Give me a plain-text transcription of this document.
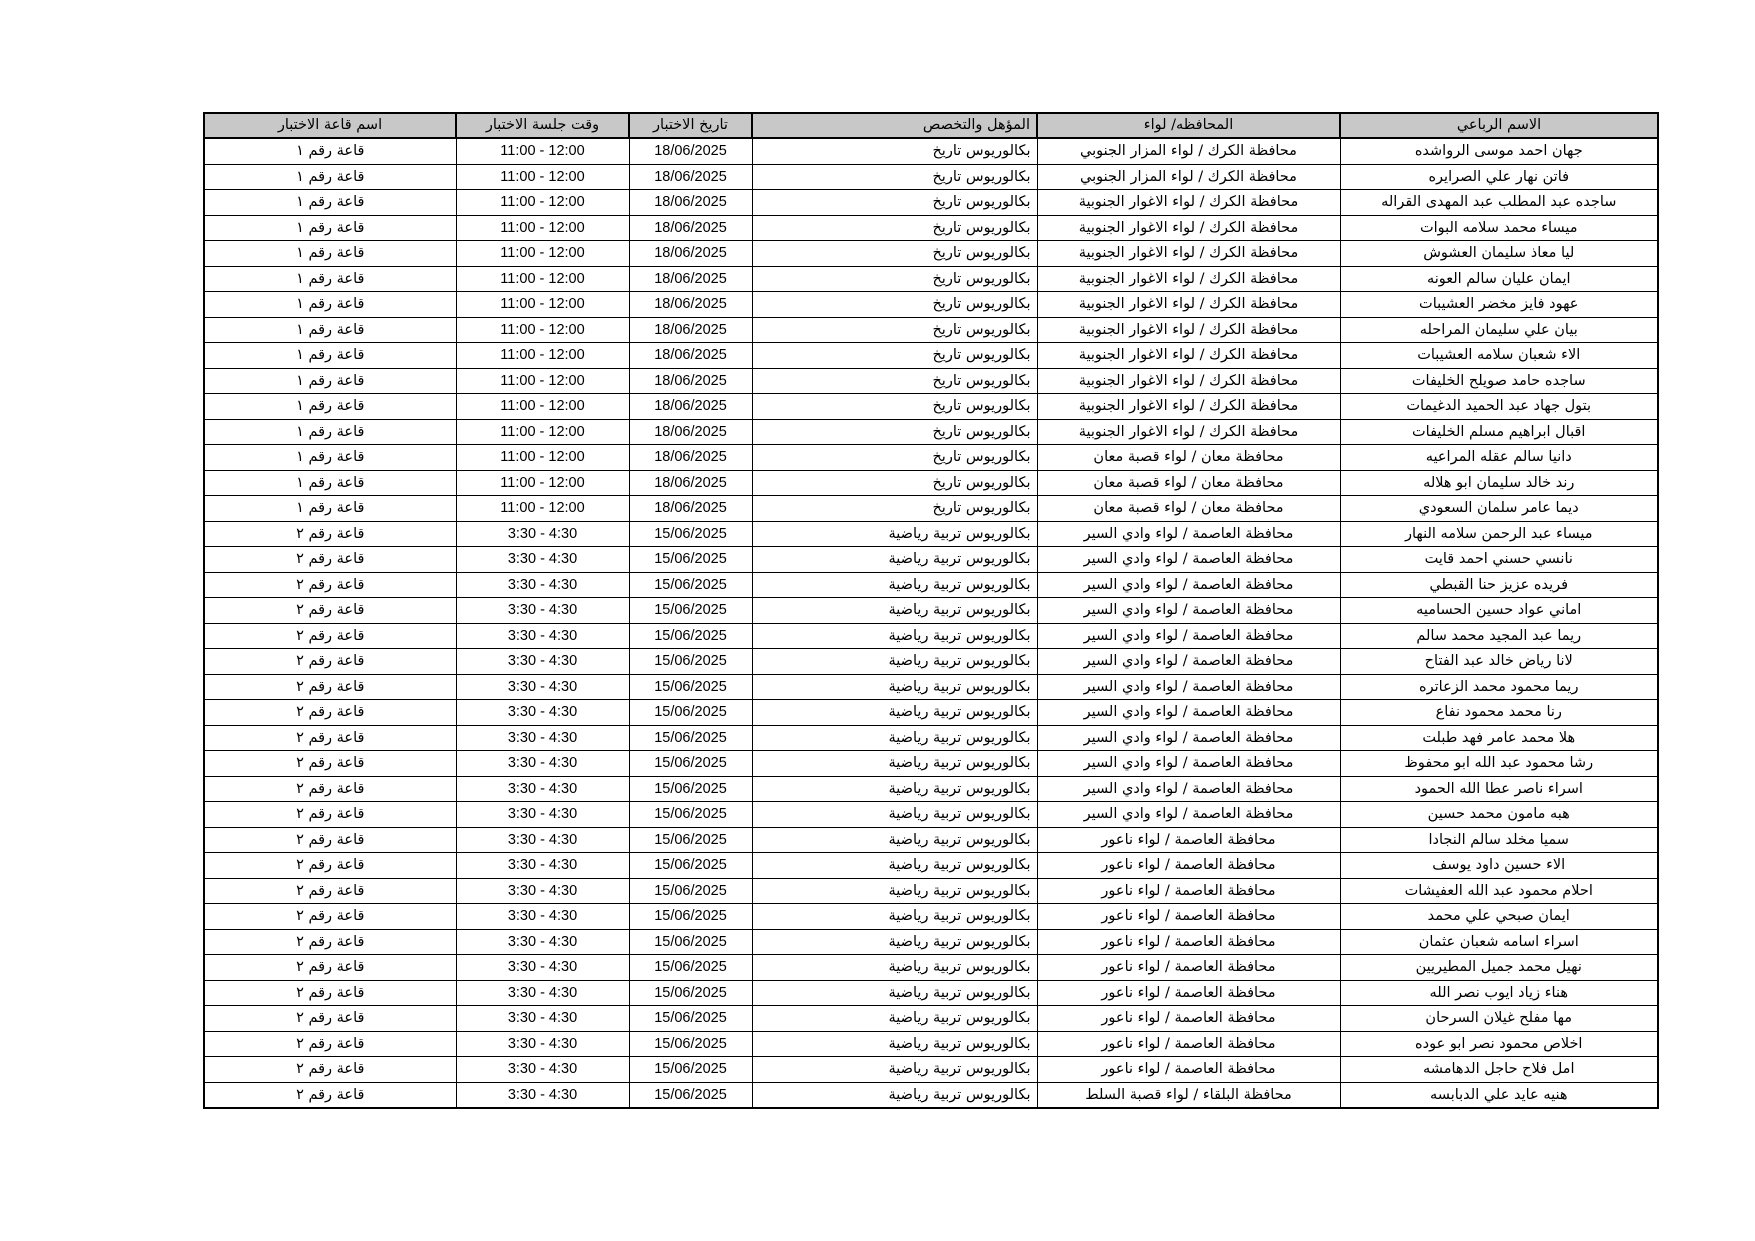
الاسم الرباعي	المحافظه/ لواء	المؤهل والتخصص	تاريخ الاختبار	وقت جلسة الاختبار	اسم قاعة الاختبار
جهان احمد موسى الرواشده	محافظة الكرك / لواء المزار الجنوبي	بكالوريوس تاريخ	18/06/2025	11:00 - 12:00	قاعة رقم ١
فاتن نهار علي الصرايره	محافظة الكرك / لواء المزار الجنوبي	بكالوريوس تاريخ	18/06/2025	11:00 - 12:00	قاعة رقم ١
ساجده عبد المطلب عبد المهدى القراله	محافظة الكرك / لواء الاغوار الجنوبية	بكالوريوس تاريخ	18/06/2025	11:00 - 12:00	قاعة رقم ١
ميساء محمد سلامه البوات	محافظة الكرك / لواء الاغوار الجنوبية	بكالوريوس تاريخ	18/06/2025	11:00 - 12:00	قاعة رقم ١
ليا معاذ سليمان العشوش	محافظة الكرك / لواء الاغوار الجنوبية	بكالوريوس تاريخ	18/06/2025	11:00 - 12:00	قاعة رقم ١
ايمان عليان سالم العونه	محافظة الكرك / لواء الاغوار الجنوبية	بكالوريوس تاريخ	18/06/2025	11:00 - 12:00	قاعة رقم ١
عهود فايز مخضر العشيبات	محافظة الكرك / لواء الاغوار الجنوبية	بكالوريوس تاريخ	18/06/2025	11:00 - 12:00	قاعة رقم ١
بيان علي سليمان المراحله	محافظة الكرك / لواء الاغوار الجنوبية	بكالوريوس تاريخ	18/06/2025	11:00 - 12:00	قاعة رقم ١
الاء شعبان سلامه العشيبات	محافظة الكرك / لواء الاغوار الجنوبية	بكالوريوس تاريخ	18/06/2025	11:00 - 12:00	قاعة رقم ١
ساجده حامد صويلح الخليفات	محافظة الكرك / لواء الاغوار الجنوبية	بكالوريوس تاريخ	18/06/2025	11:00 - 12:00	قاعة رقم ١
بتول جهاد عبد الحميد الدغيمات	محافظة الكرك / لواء الاغوار الجنوبية	بكالوريوس تاريخ	18/06/2025	11:00 - 12:00	قاعة رقم ١
اقبال ابراهيم مسلم الخليفات	محافظة الكرك / لواء الاغوار الجنوبية	بكالوريوس تاريخ	18/06/2025	11:00 - 12:00	قاعة رقم ١
دانيا سالم عقله المراعيه	محافظة معان / لواء قصبة معان	بكالوريوس تاريخ	18/06/2025	11:00 - 12:00	قاعة رقم ١
رند خالد سليمان ابو هلاله	محافظة معان / لواء قصبة معان	بكالوريوس تاريخ	18/06/2025	11:00 - 12:00	قاعة رقم ١
ديما عامر سلمان السعودي	محافظة معان / لواء قصبة معان	بكالوريوس تاريخ	18/06/2025	11:00 - 12:00	قاعة رقم ١
ميساء عبد الرحمن سلامه النهار	محافظة العاصمة / لواء وادي السير	بكالوريوس تربية رياضية	15/06/2025	3:30 - 4:30	قاعة رقم ٢
نانسي حسني احمد قايت	محافظة العاصمة / لواء وادي السير	بكالوريوس تربية رياضية	15/06/2025	3:30 - 4:30	قاعة رقم ٢
فريده عزيز حنا القبطي	محافظة العاصمة / لواء وادي السير	بكالوريوس تربية رياضية	15/06/2025	3:30 - 4:30	قاعة رقم ٢
اماني عواد حسين الحساميه	محافظة العاصمة / لواء وادي السير	بكالوريوس تربية رياضية	15/06/2025	3:30 - 4:30	قاعة رقم ٢
ريما عبد المجيد محمد سالم	محافظة العاصمة / لواء وادي السير	بكالوريوس تربية رياضية	15/06/2025	3:30 - 4:30	قاعة رقم ٢
لانا رياض خالد عبد الفتاح	محافظة العاصمة / لواء وادي السير	بكالوريوس تربية رياضية	15/06/2025	3:30 - 4:30	قاعة رقم ٢
ريما محمود محمد الزعاتره	محافظة العاصمة / لواء وادي السير	بكالوريوس تربية رياضية	15/06/2025	3:30 - 4:30	قاعة رقم ٢
رنا محمد محمود نفاع	محافظة العاصمة / لواء وادي السير	بكالوريوس تربية رياضية	15/06/2025	3:30 - 4:30	قاعة رقم ٢
هلا محمد عامر فهد طبلت	محافظة العاصمة / لواء وادي السير	بكالوريوس تربية رياضية	15/06/2025	3:30 - 4:30	قاعة رقم ٢
رشا محمود عبد الله ابو محفوظ	محافظة العاصمة / لواء وادي السير	بكالوريوس تربية رياضية	15/06/2025	3:30 - 4:30	قاعة رقم ٢
اسراء ناصر عطا الله الحمود	محافظة العاصمة / لواء وادي السير	بكالوريوس تربية رياضية	15/06/2025	3:30 - 4:30	قاعة رقم ٢
هبه مامون محمد حسين	محافظة العاصمة / لواء وادي السير	بكالوريوس تربية رياضية	15/06/2025	3:30 - 4:30	قاعة رقم ٢
سميا مخلد سالم النجادا	محافظة العاصمة / لواء ناعور	بكالوريوس تربية رياضية	15/06/2025	3:30 - 4:30	قاعة رقم ٢
الاء حسين داود يوسف	محافظة العاصمة / لواء ناعور	بكالوريوس تربية رياضية	15/06/2025	3:30 - 4:30	قاعة رقم ٢
احلام محمود عبد الله العفيشات	محافظة العاصمة / لواء ناعور	بكالوريوس تربية رياضية	15/06/2025	3:30 - 4:30	قاعة رقم ٢
ايمان صبحي علي محمد	محافظة العاصمة / لواء ناعور	بكالوريوس تربية رياضية	15/06/2025	3:30 - 4:30	قاعة رقم ٢
اسراء اسامه شعبان عثمان	محافظة العاصمة / لواء ناعور	بكالوريوس تربية رياضية	15/06/2025	3:30 - 4:30	قاعة رقم ٢
نهيل محمد جميل المطيريين	محافظة العاصمة / لواء ناعور	بكالوريوس تربية رياضية	15/06/2025	3:30 - 4:30	قاعة رقم ٢
هناء زياد ايوب نصر الله	محافظة العاصمة / لواء ناعور	بكالوريوس تربية رياضية	15/06/2025	3:30 - 4:30	قاعة رقم ٢
مها مفلح غيلان السرحان	محافظة العاصمة / لواء ناعور	بكالوريوس تربية رياضية	15/06/2025	3:30 - 4:30	قاعة رقم ٢
اخلاص محمود نصر ابو عوده	محافظة العاصمة / لواء ناعور	بكالوريوس تربية رياضية	15/06/2025	3:30 - 4:30	قاعة رقم ٢
امل فلاح حاجل الدهامشه	محافظة العاصمة / لواء ناعور	بكالوريوس تربية رياضية	15/06/2025	3:30 - 4:30	قاعة رقم ٢
هنيه عايد علي الدبابسه	محافظة البلقاء / لواء قصبة السلط	بكالوريوس تربية رياضية	15/06/2025	3:30 - 4:30	قاعة رقم ٢
